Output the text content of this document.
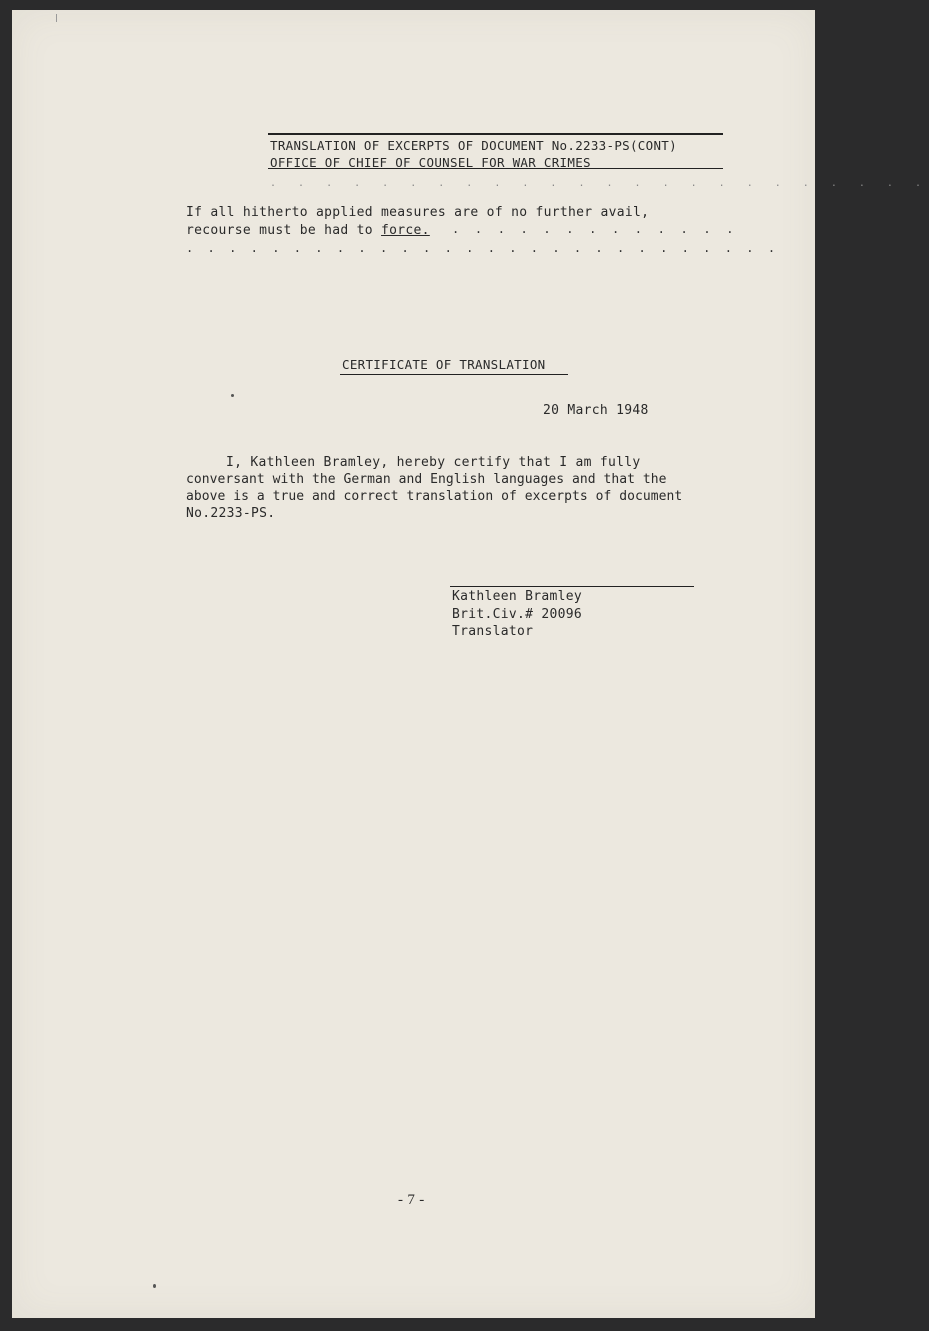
TRANSLATION OF EXCERPTS OF DOCUMENT No.2233-PS(CONT)
OFFICE OF CHIEF OF COUNSEL FOR WAR CRIMES
. . . . . . . . . . . . . . . . . . . . . . . .
If all hitherto applied measures are of no further avail,
recourse must be had to force. . . . . . . . . . . . . .
. . . . . . . . . . . . . . . . . . . . . . . . . . . .
CERTIFICATE OF TRANSLATION
20 March 1948
I, Kathleen Bramley, hereby certify that I am fully
conversant with the German and English languages and that the
above is a true and correct translation of excerpts of document
No.2233-PS.
Kathleen Bramley
Brit.Civ.# 20096
Translator
- 7 -
